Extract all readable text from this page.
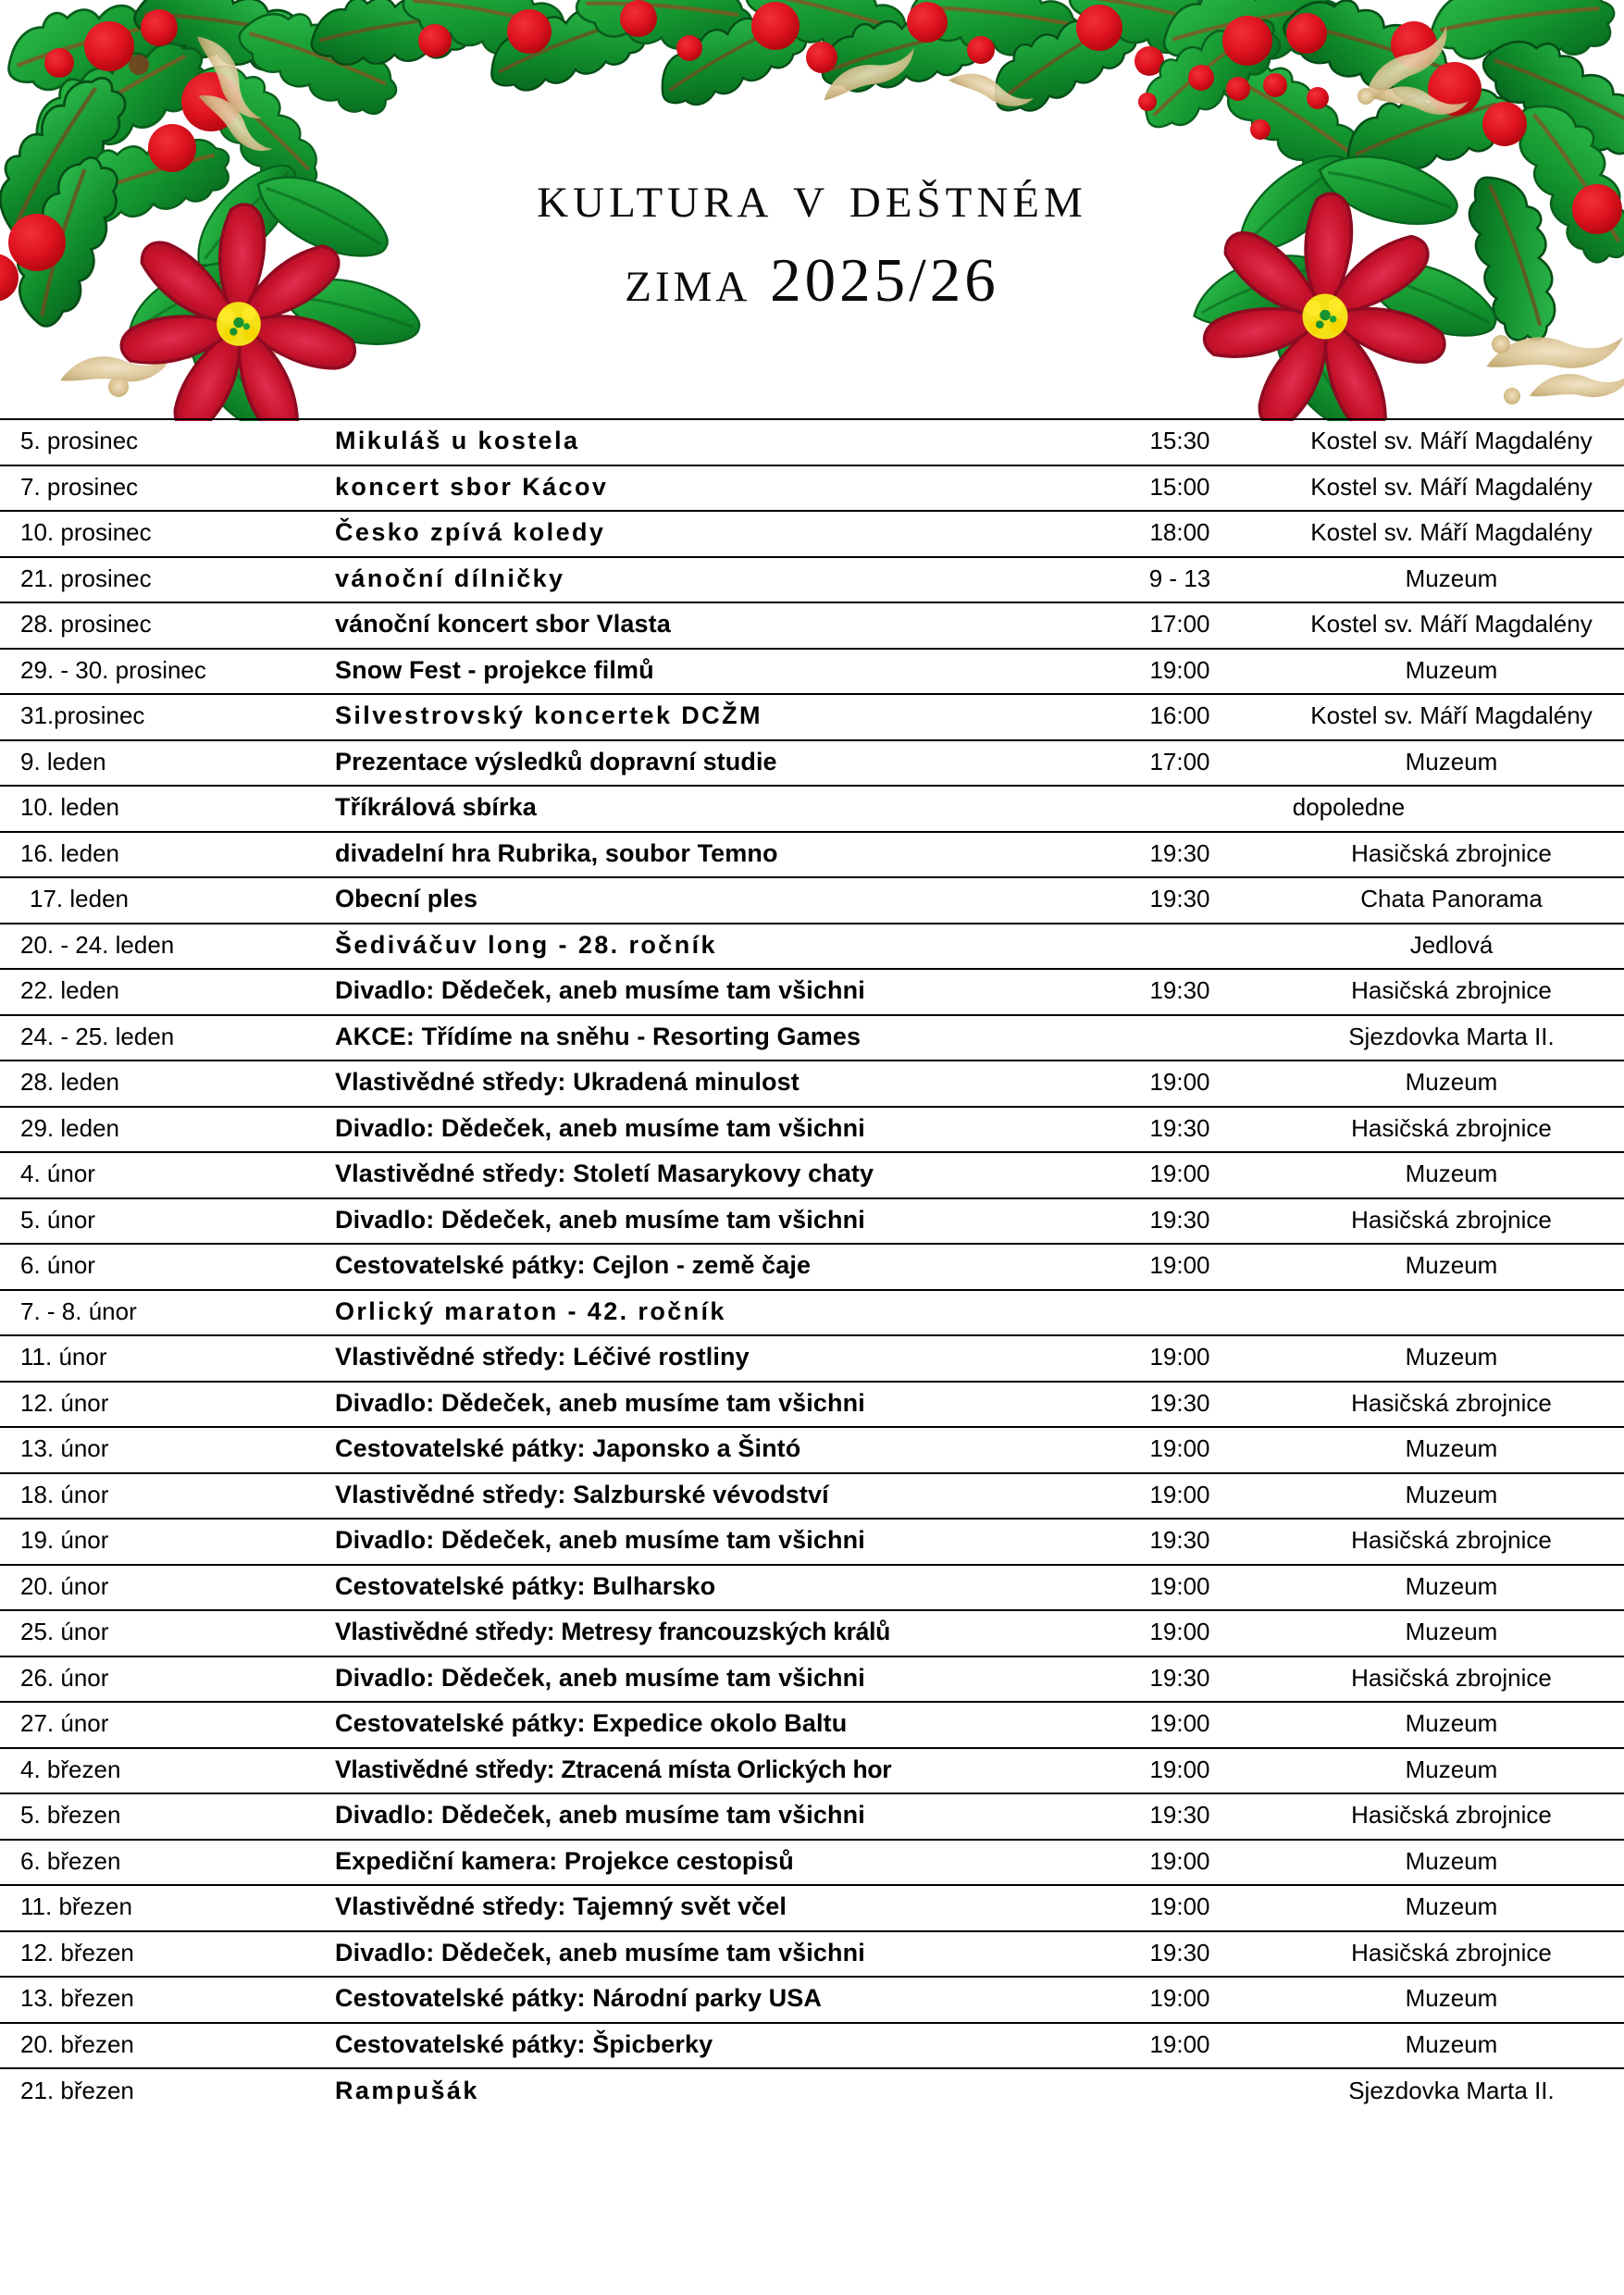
kultura v deštném
zima 2025/26
5. prosinec	Mikuláš u kostela	15:30	Kostel sv. Máří Magdalény
7. prosinec	koncert sbor Kácov	15:00	Kostel sv. Máří Magdalény
10. prosinec	Česko zpívá koledy	18:00	Kostel sv. Máří Magdalény
21. prosinec	vánoční dílničky	9 - 13	Muzeum
28. prosinec	vánoční koncert sbor Vlasta	17:00	Kostel sv. Máří Magdalény
29. - 30. prosinec	Snow Fest - projekce filmů	19:00	Muzeum
31.prosinec	Silvestrovský koncertek DCŽM	16:00	Kostel sv. Máří Magdalény
9. leden	Prezentace výsledků dopravní studie	17:00	Muzeum
10. leden	Tříkrálová sbírka	dopoledne	
16. leden	divadelní hra Rubrika, soubor Temno	19:30	Hasičská zbrojnice
17. leden	Obecní ples	19:30	Chata Panorama
20. - 24. leden	Šediváčuv long - 28. ročník		Jedlová
22. leden	Divadlo: Dědeček, aneb musíme tam všichni	19:30	Hasičská zbrojnice
24. - 25. leden	AKCE: Třídíme na sněhu - Resorting Games		Sjezdovka Marta II.
28. leden	Vlastivědné středy: Ukradená minulost	19:00	Muzeum
29. leden	Divadlo: Dědeček, aneb musíme tam všichni	19:30	Hasičská zbrojnice
4. únor	Vlastivědné středy: Století Masarykovy chaty	19:00	Muzeum
5. únor	Divadlo: Dědeček, aneb musíme tam všichni	19:30	Hasičská zbrojnice
6. únor	Cestovatelské pátky: Cejlon - země čaje	19:00	Muzeum
7. - 8. únor	Orlický maraton - 42. ročník		
11. únor	Vlastivědné středy: Léčivé rostliny	19:00	Muzeum
12. únor	Divadlo: Dědeček, aneb musíme tam všichni	19:30	Hasičská zbrojnice
13. únor	Cestovatelské pátky: Japonsko a Šintó	19:00	Muzeum
18. únor	Vlastivědné středy: Salzburské vévodství	19:00	Muzeum
19. únor	Divadlo: Dědeček, aneb musíme tam všichni	19:30	Hasičská zbrojnice
20. únor	Cestovatelské pátky: Bulharsko	19:00	Muzeum
25. únor	Vlastivědné středy: Metresy francouzských králů	19:00	Muzeum
26. únor	Divadlo: Dědeček, aneb musíme tam všichni	19:30	Hasičská zbrojnice
27. únor	Cestovatelské pátky: Expedice okolo Baltu	19:00	Muzeum
4. březen	Vlastivědné středy: Ztracená místa Orlických hor	19:00	Muzeum
5. březen	Divadlo: Dědeček, aneb musíme tam všichni	19:30	Hasičská zbrojnice
6. březen	Expediční kamera: Projekce cestopisů	19:00	Muzeum
11. březen	Vlastivědné středy: Tajemný svět včel	19:00	Muzeum
12. březen	Divadlo: Dědeček, aneb musíme tam všichni	19:30	Hasičská zbrojnice
13. březen	Cestovatelské pátky: Národní parky USA	19:00	Muzeum
20. březen	Cestovatelské pátky: Špicberky	19:00	Muzeum
21. březen	Rampušák		Sjezdovka Marta II.
